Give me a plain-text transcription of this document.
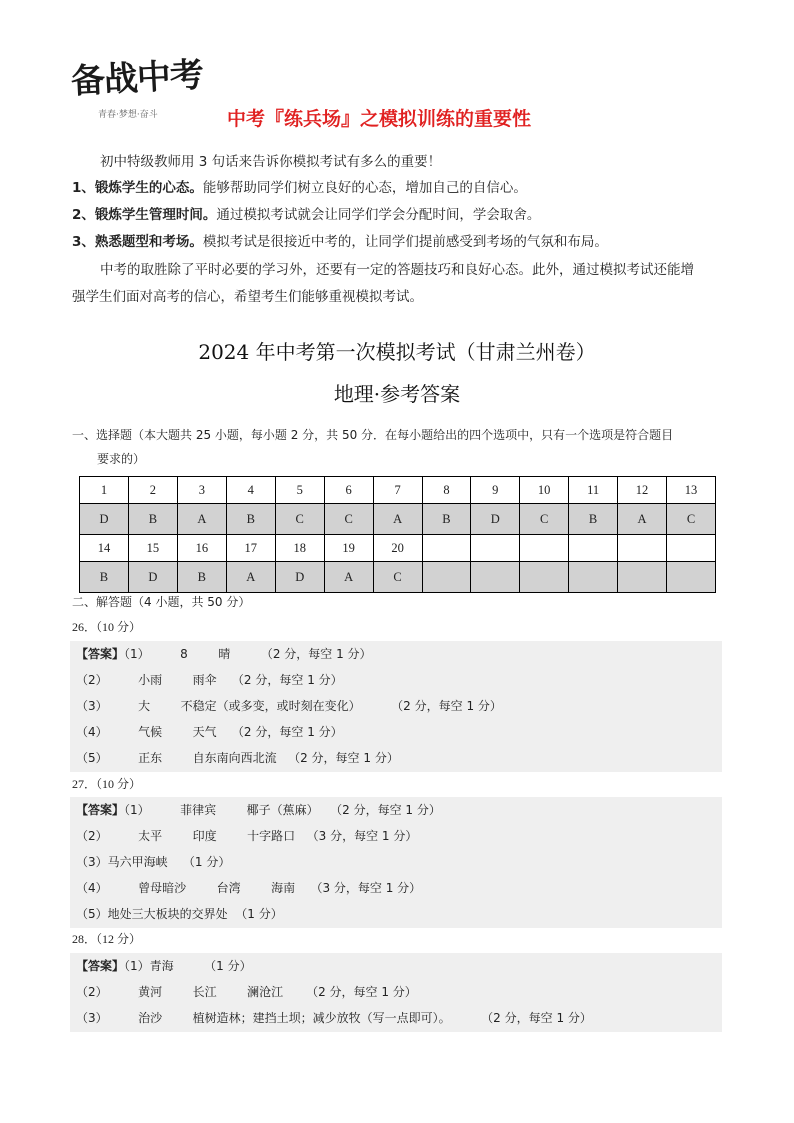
备战中考
青春·梦想·奋斗	中考『练兵场』之模拟训练的重要性
初中特级教师用 3 句话来告诉你模拟考试有多么的重要！
1、锻炼学生的心态。能够帮助同学们树立良好的心态，增加自己的自信心。
2、锻炼学生管理时间。通过模拟考试就会让同学们学会分配时间，学会取舍。
3、熟悉题型和考场。模拟考试是很接近中考的，让同学们提前感受到考场的气氛和布局。
中考的取胜除了平时必要的学习外，还要有一定的答题技巧和良好心态。此外，通过模拟考试还能增
强学生们面对高考的信心，希望考生们能够重视模拟考试。
2024 年中考第一次模拟考试（甘肃兰州卷）
地理·参考答案
一、选择题（本大题共 25 小题，每小题 2 分，共 50 分．在每小题给出的四个选项中，只有一个选项是符合题目
要求的）
1	2	3	4	5	6	7	8	9	10	11	12	13
D	B	A	B	C	C	A	B	D	C	B	A	C
14	15	16	17	18	19	20						
B	D	B	A	D	A	C						
二、解答题（4 小题，共 50 分）
26．（10 分）
【答案】（1）        8        晴        （2 分，每空 1 分）
（2）        小雨        雨伞    （2 分，每空 1 分）
（3）        大        不稳定（或多变，或时刻在变化）        （2 分，每空 1 分）
（4）        气候        天气    （2 分，每空 1 分）
（5）        正东        自东南向西北流   （2 分，每空 1 分）
27．（10 分）
【答案】（1）        菲律宾        椰子（蕉麻）   （2 分，每空 1 分）
（2）        太平        印度        十字路口   （3 分，每空 1 分）
（3）马六甲海峡    （1 分）
（4）        曾母暗沙        台湾        海南    （3 分，每空 1 分）
（5）地处三大板块的交界处  （1 分）
28．（12 分）
【答案】（1）青海        （1 分）
（2）        黄河        长江        澜沧江      （2 分，每空 1 分）
（3）        治沙        植树造林；建挡土坝；减少放牧（写一点即可）。        （2 分，每空 1 分）
